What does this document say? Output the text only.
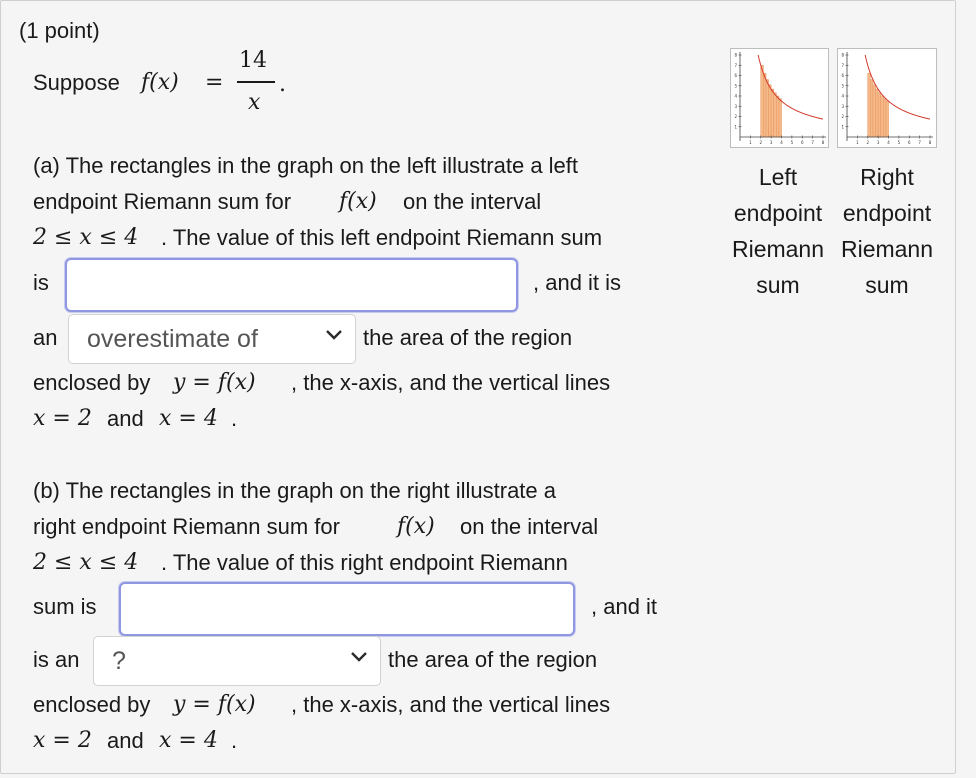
(1 point)
Suppose f(x) =
14
x
.
(a) The rectangles in the graph on the left illustrate a left
endpoint Riemann sum for f(x) on the interval
2 ≤ x ≤ 4 . The value of this left endpoint Riemann sum
is	, and it is
an overestimate of	the area of the region
enclosed by y = f(x) , the x-axis, and the vertical lines
x = 2 and x = 4 .
(b) The rectangles in the graph on the right illustrate a
right endpoint Riemann sum for	f(x) on the interval
2 ≤ x ≤ 4 . The value of this right endpoint Riemann
sum is	, and it
is an ?	the area of the region
enclosed by y = f(x) , the x-axis, and the vertical lines
x = 2 and x = 4 .
1
1
2
2
3
3
4
4
5
5
6
6
7
7
8
8
1
1
2
2
3
3
4
4
5
5
6
6
7
7
8
8
Left
endpoint
Riemann
sum
Right
endpoint
Riemann
sum
